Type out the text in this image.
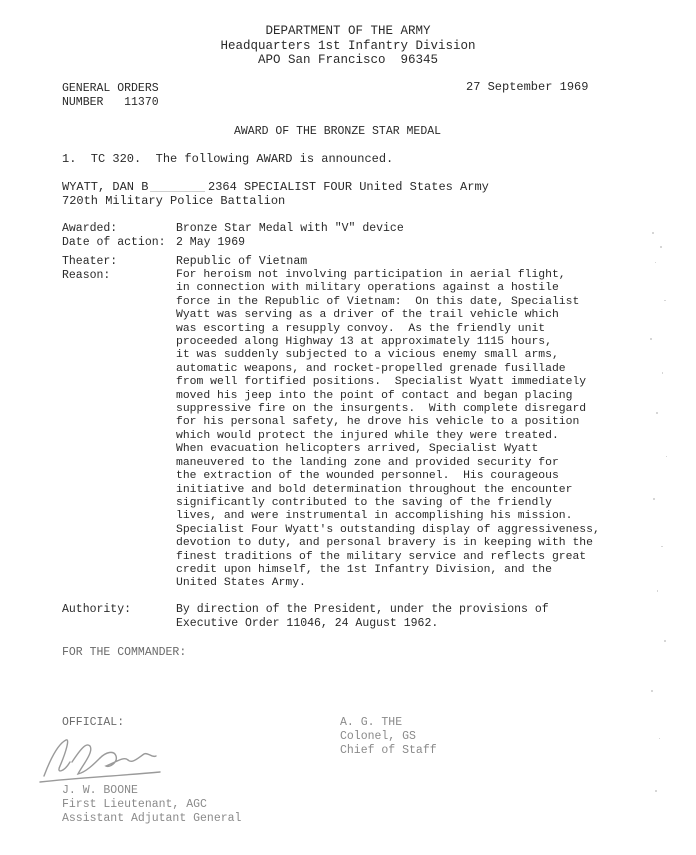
DEPARTMENT OF THE ARMY
Headquarters 1st Infantry Division
APO San Francisco  96345
GENERAL ORDERS
NUMBER   11370
27 September 1969
AWARD OF THE BRONZE STAR MEDAL
1.  TC 320.  The following AWARD is announced.
WYATT, DAN B	2364 SPECIALIST FOUR United States Army
720th Military Police Battalion
Awarded:	Bronze Star Medal with "V" device
Date of action: 2 May 1969
Theater:	Republic of Vietnam
Reason:	For heroism not involving participation in aerial flight,
in connection with military operations against a hostile
force in the Republic of Vietnam:  On this date, Specialist
Wyatt was serving as a driver of the trail vehicle which
was escorting a resupply convoy.  As the friendly unit
proceeded along Highway 13 at approximately 1115 hours,
it was suddenly subjected to a vicious enemy small arms,
automatic weapons, and rocket-propelled grenade fusillade
from well fortified positions.  Specialist Wyatt immediately
moved his jeep into the point of contact and began placing
suppressive fire on the insurgents.  With complete disregard
for his personal safety, he drove his vehicle to a position
which would protect the injured while they were treated.
When evacuation helicopters arrived, Specialist Wyatt
maneuvered to the landing zone and provided security for
the extraction of the wounded personnel.  His courageous
initiative and bold determination throughout the encounter
significantly contributed to the saving of the friendly
lives, and were instrumental in accomplishing his mission.
Specialist Four Wyatt's outstanding display of aggressiveness,
devotion to duty, and personal bravery is in keeping with the
finest traditions of the military service and reflects great
credit upon himself, the 1st Infantry Division, and the
United States Army.
Authority:	By direction of the President, under the provisions of
Executive Order 11046, 24 August 1962.
FOR THE COMMANDER:
OFFICIAL:	A. G. THE
Colonel, GS
Chief of Staff
J. W. BOONE
First Lieutenant, AGC
Assistant Adjutant General
